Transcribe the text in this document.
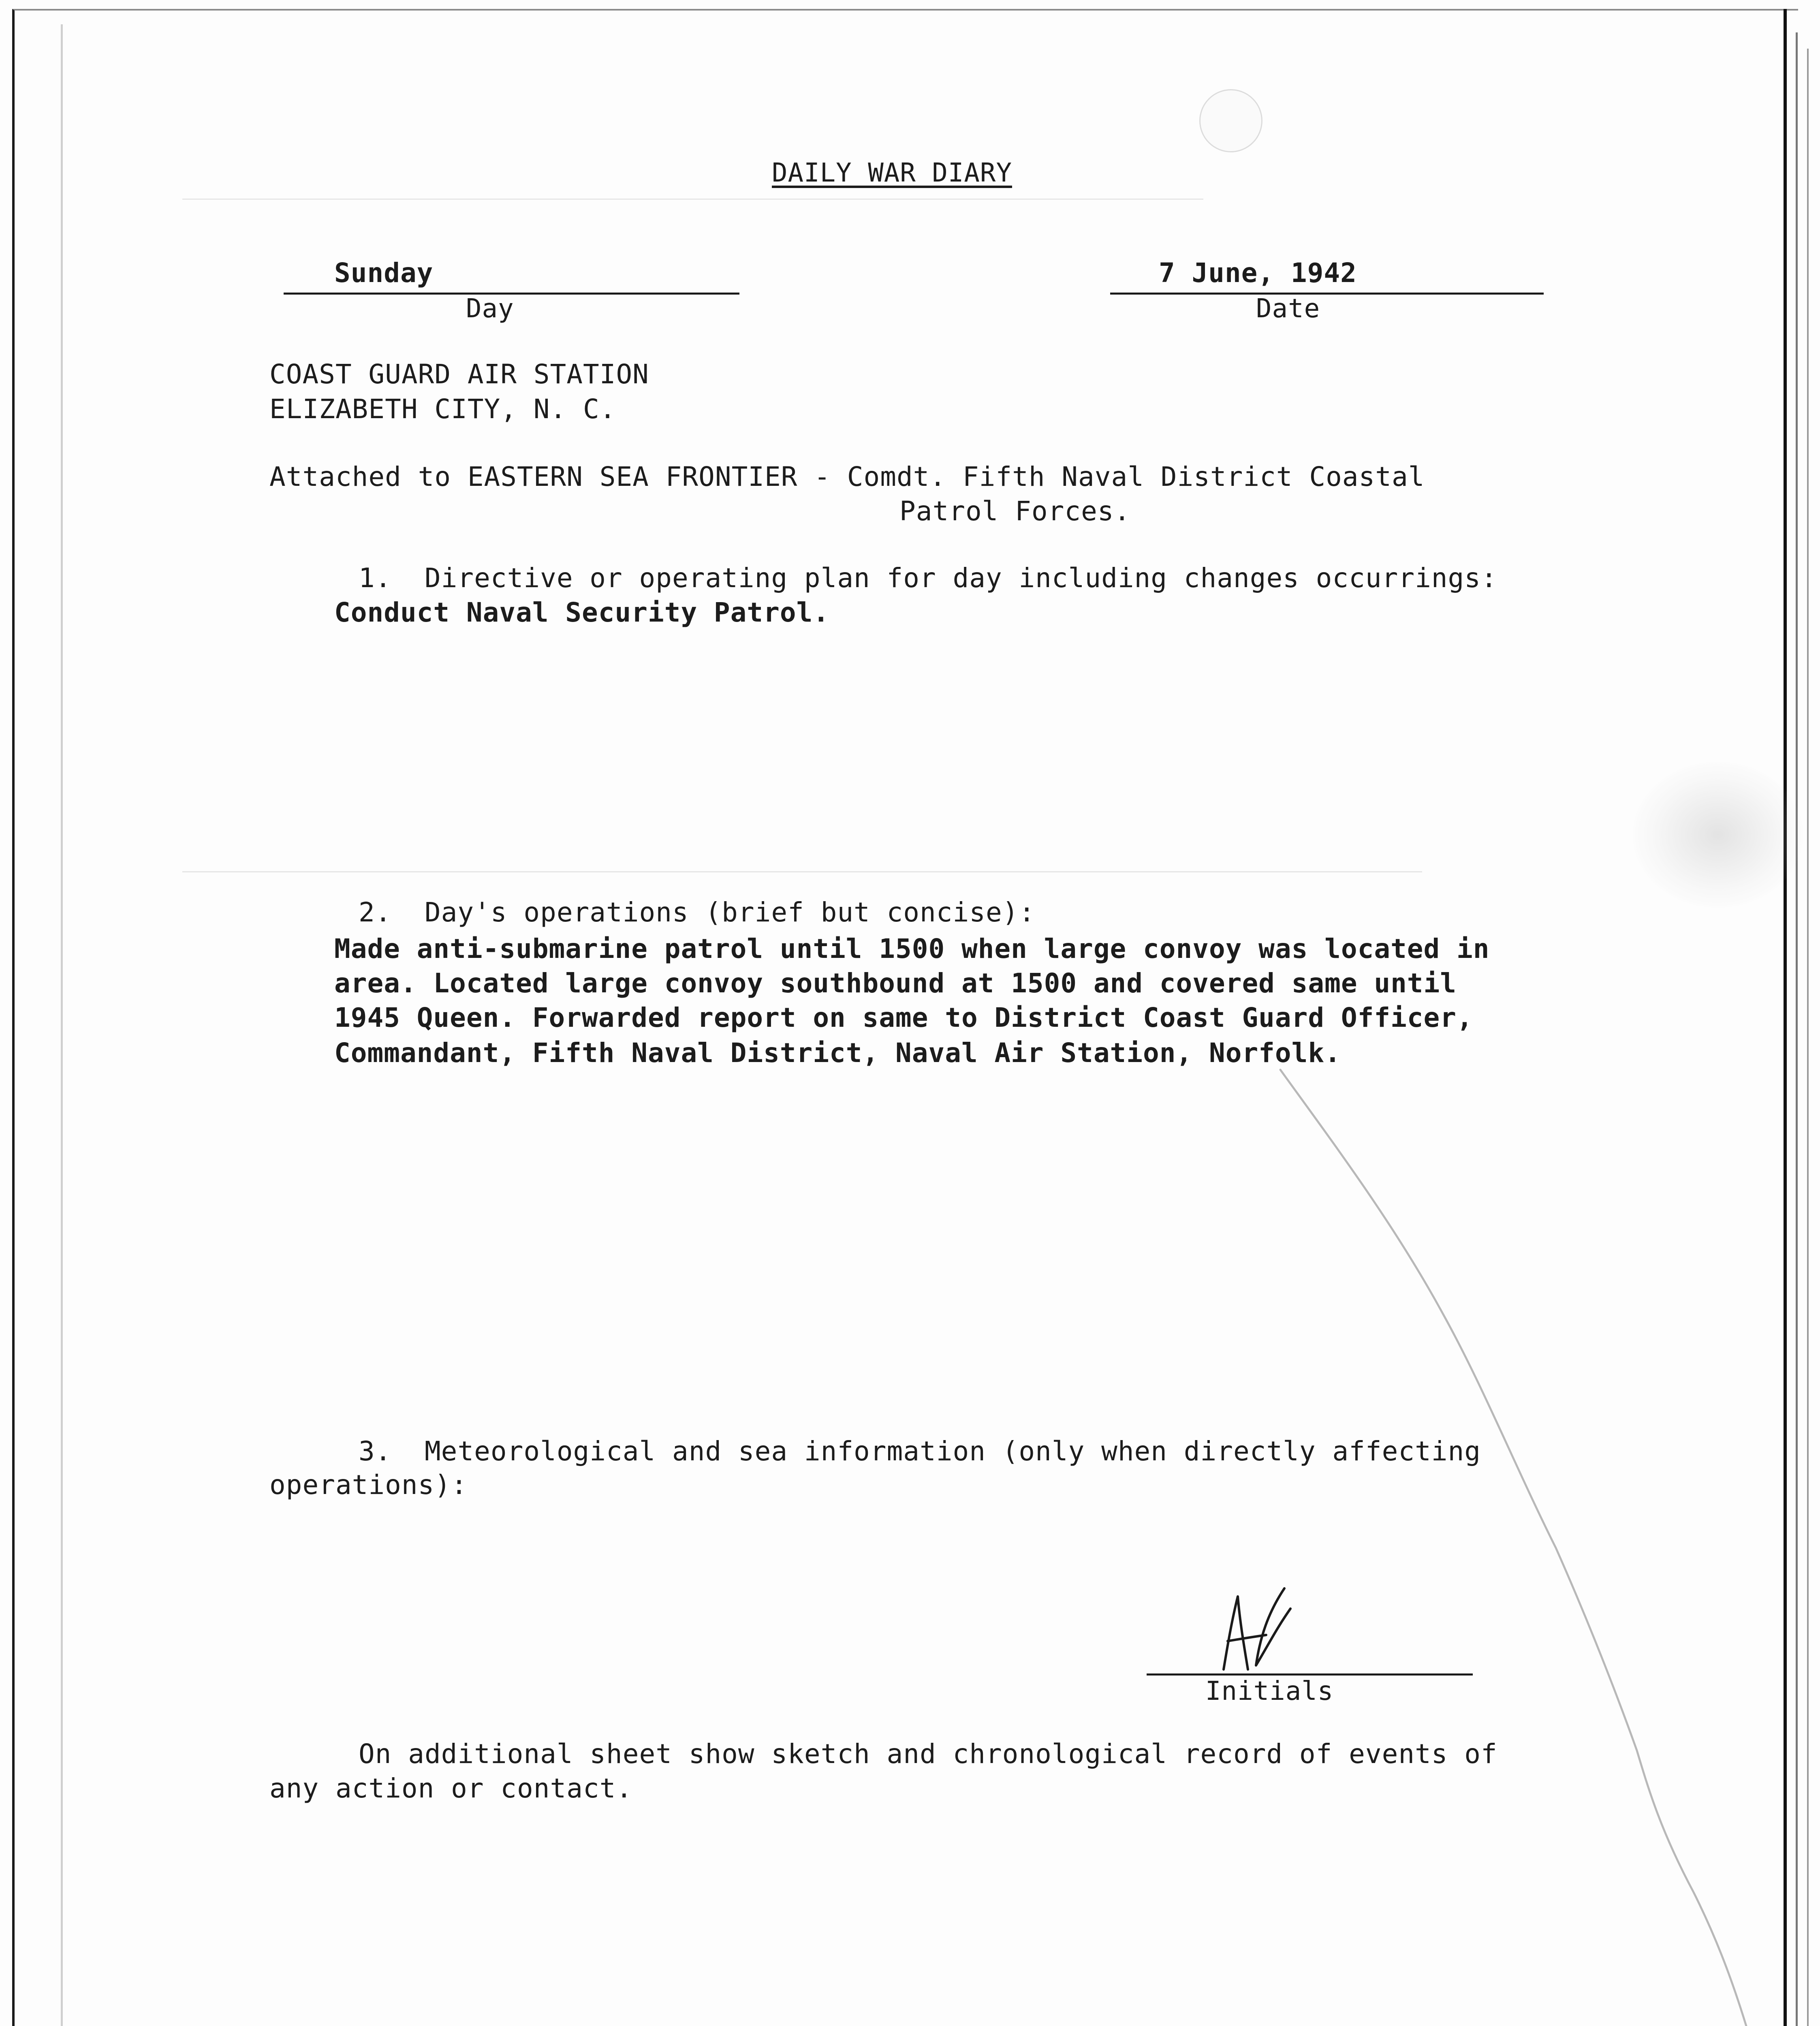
DAILY WAR DIARY
Sunday
Day
7 June, 1942
Date
COAST GUARD AIR STATION
ELIZABETH CITY, N. C.
Attached to EASTERN SEA FRONTIER - Comdt. Fifth Naval District Coastal
Patrol Forces.
1.  Directive or operating plan for day including changes occurrings:
Conduct Naval Security Patrol.
2.  Day's operations (brief but concise):
Made anti-submarine patrol until 1500 when large convoy was located in
area. Located large convoy southbound at 1500 and covered same until
1945 Queen. Forwarded report on same to District Coast Guard Officer,
Commandant, Fifth Naval District, Naval Air Station, Norfolk.
3.  Meteorological and sea information (only when directly affecting
operations):
Initials
On additional sheet show sketch and chronological record of events of
any action or contact.
